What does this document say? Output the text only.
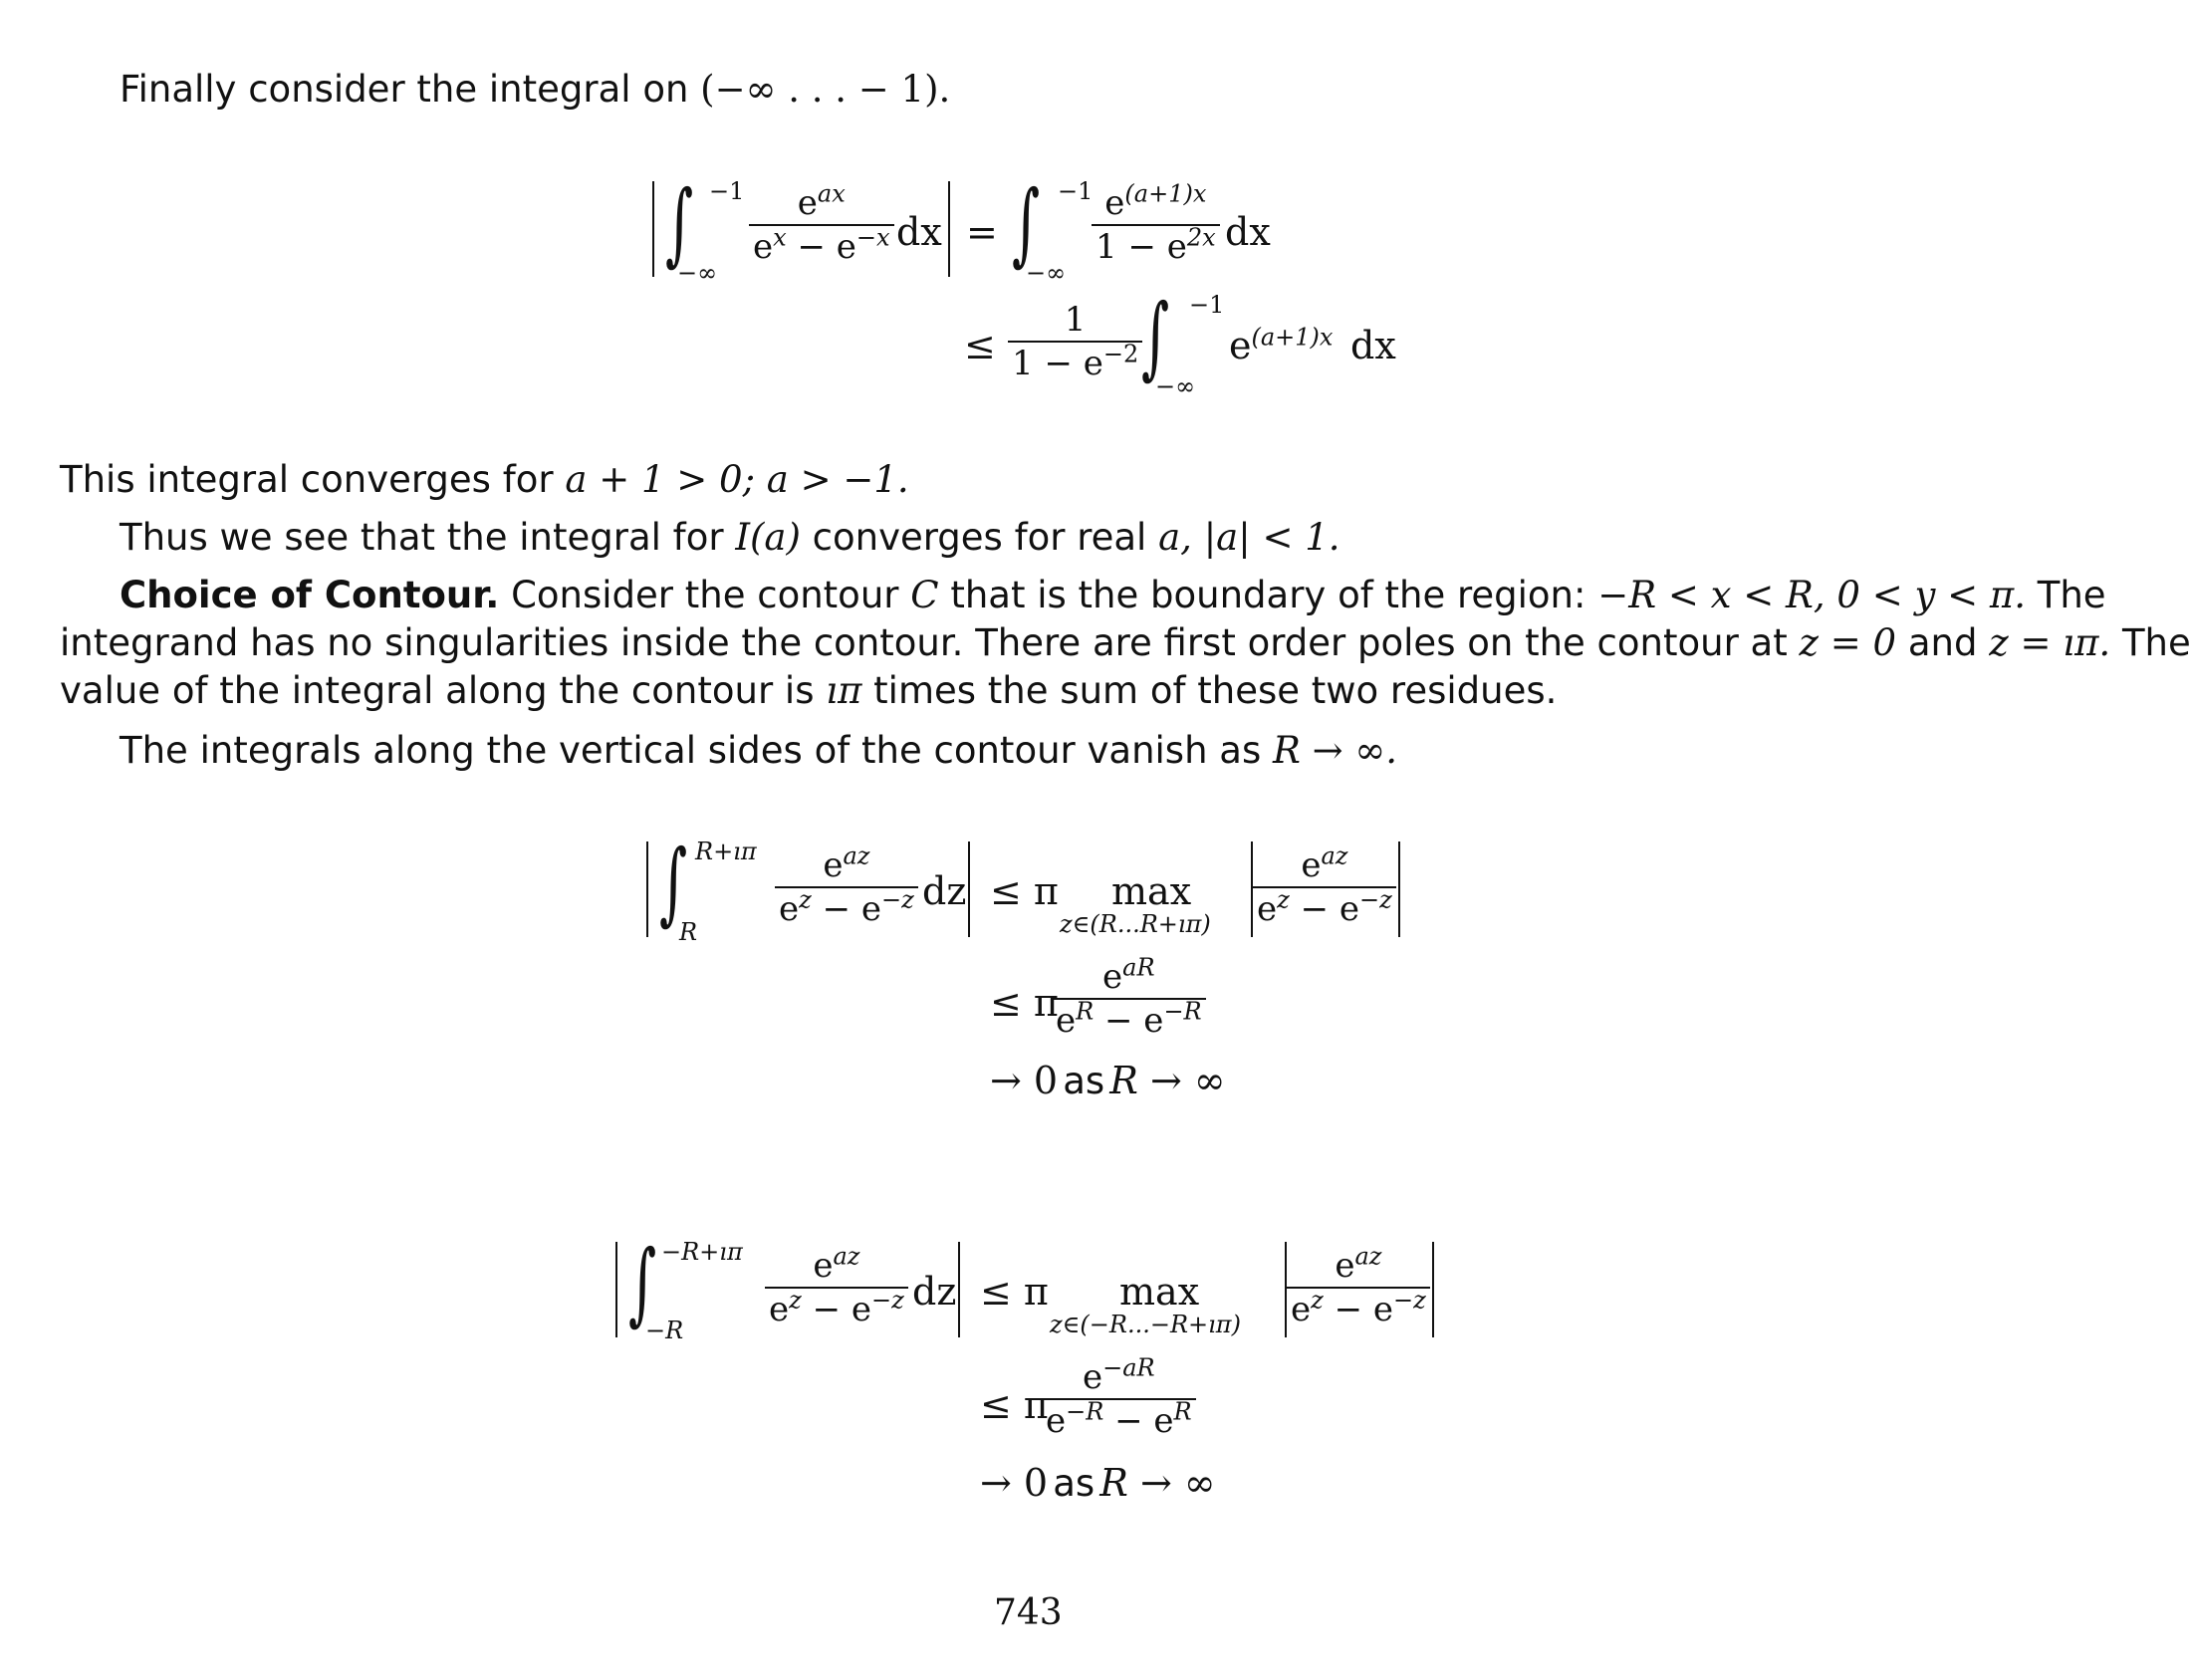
Finally consider the integral on (−∞ . . . − 1).
∫ −1
−∞
$\frac{e^{ax}}{e^x - e^{-x}}$ dx = ∫ −1
−∞
$\frac{e^{(a+1)x}}{1 - e^{2x}}$ dx
≤ $\frac{1}{1 - e^{-2}}$
∫ −1
−∞
$e^{(a+1)x}$ dx
This integral converges for a + 1 > 0; a > −1.
Thus we see that the integral for I(a) converges for real a, |a| < 1.
Choice of Contour. Consider the contour C that is the boundary of the region: −R < x < R, 0 < y < π. The
integrand has no singularities inside the contour. There are first order poles on the contour at z = 0 and z = ıπ. The
value of the integral along the contour is ıπ times the sum of these two residues.
The integrals along the vertical sides of the contour vanish as R → ∞.
∫ R+ıπ
R
$\frac{e^{az}}{e^z - e^{-z}}$ dz ≤ π max
z∈(R...R+ıπ) $\frac{e^{az}}{e^z - e^{-z}}$
≤ π
$\frac{e^{aR}}{e^R - e^{-R}}$
→ 0 as R → ∞
∫ −R+ıπ
−R
$\frac{e^{az}}{e^z - e^{-z}}$ dz ≤ π max
z∈(−R...−R+ıπ) $\frac{e^{az}}{e^z - e^{-z}}$
≤ π
$\frac{e^{-aR}}{e^{-R} - e^R}$
→ 0 as R → ∞
743
